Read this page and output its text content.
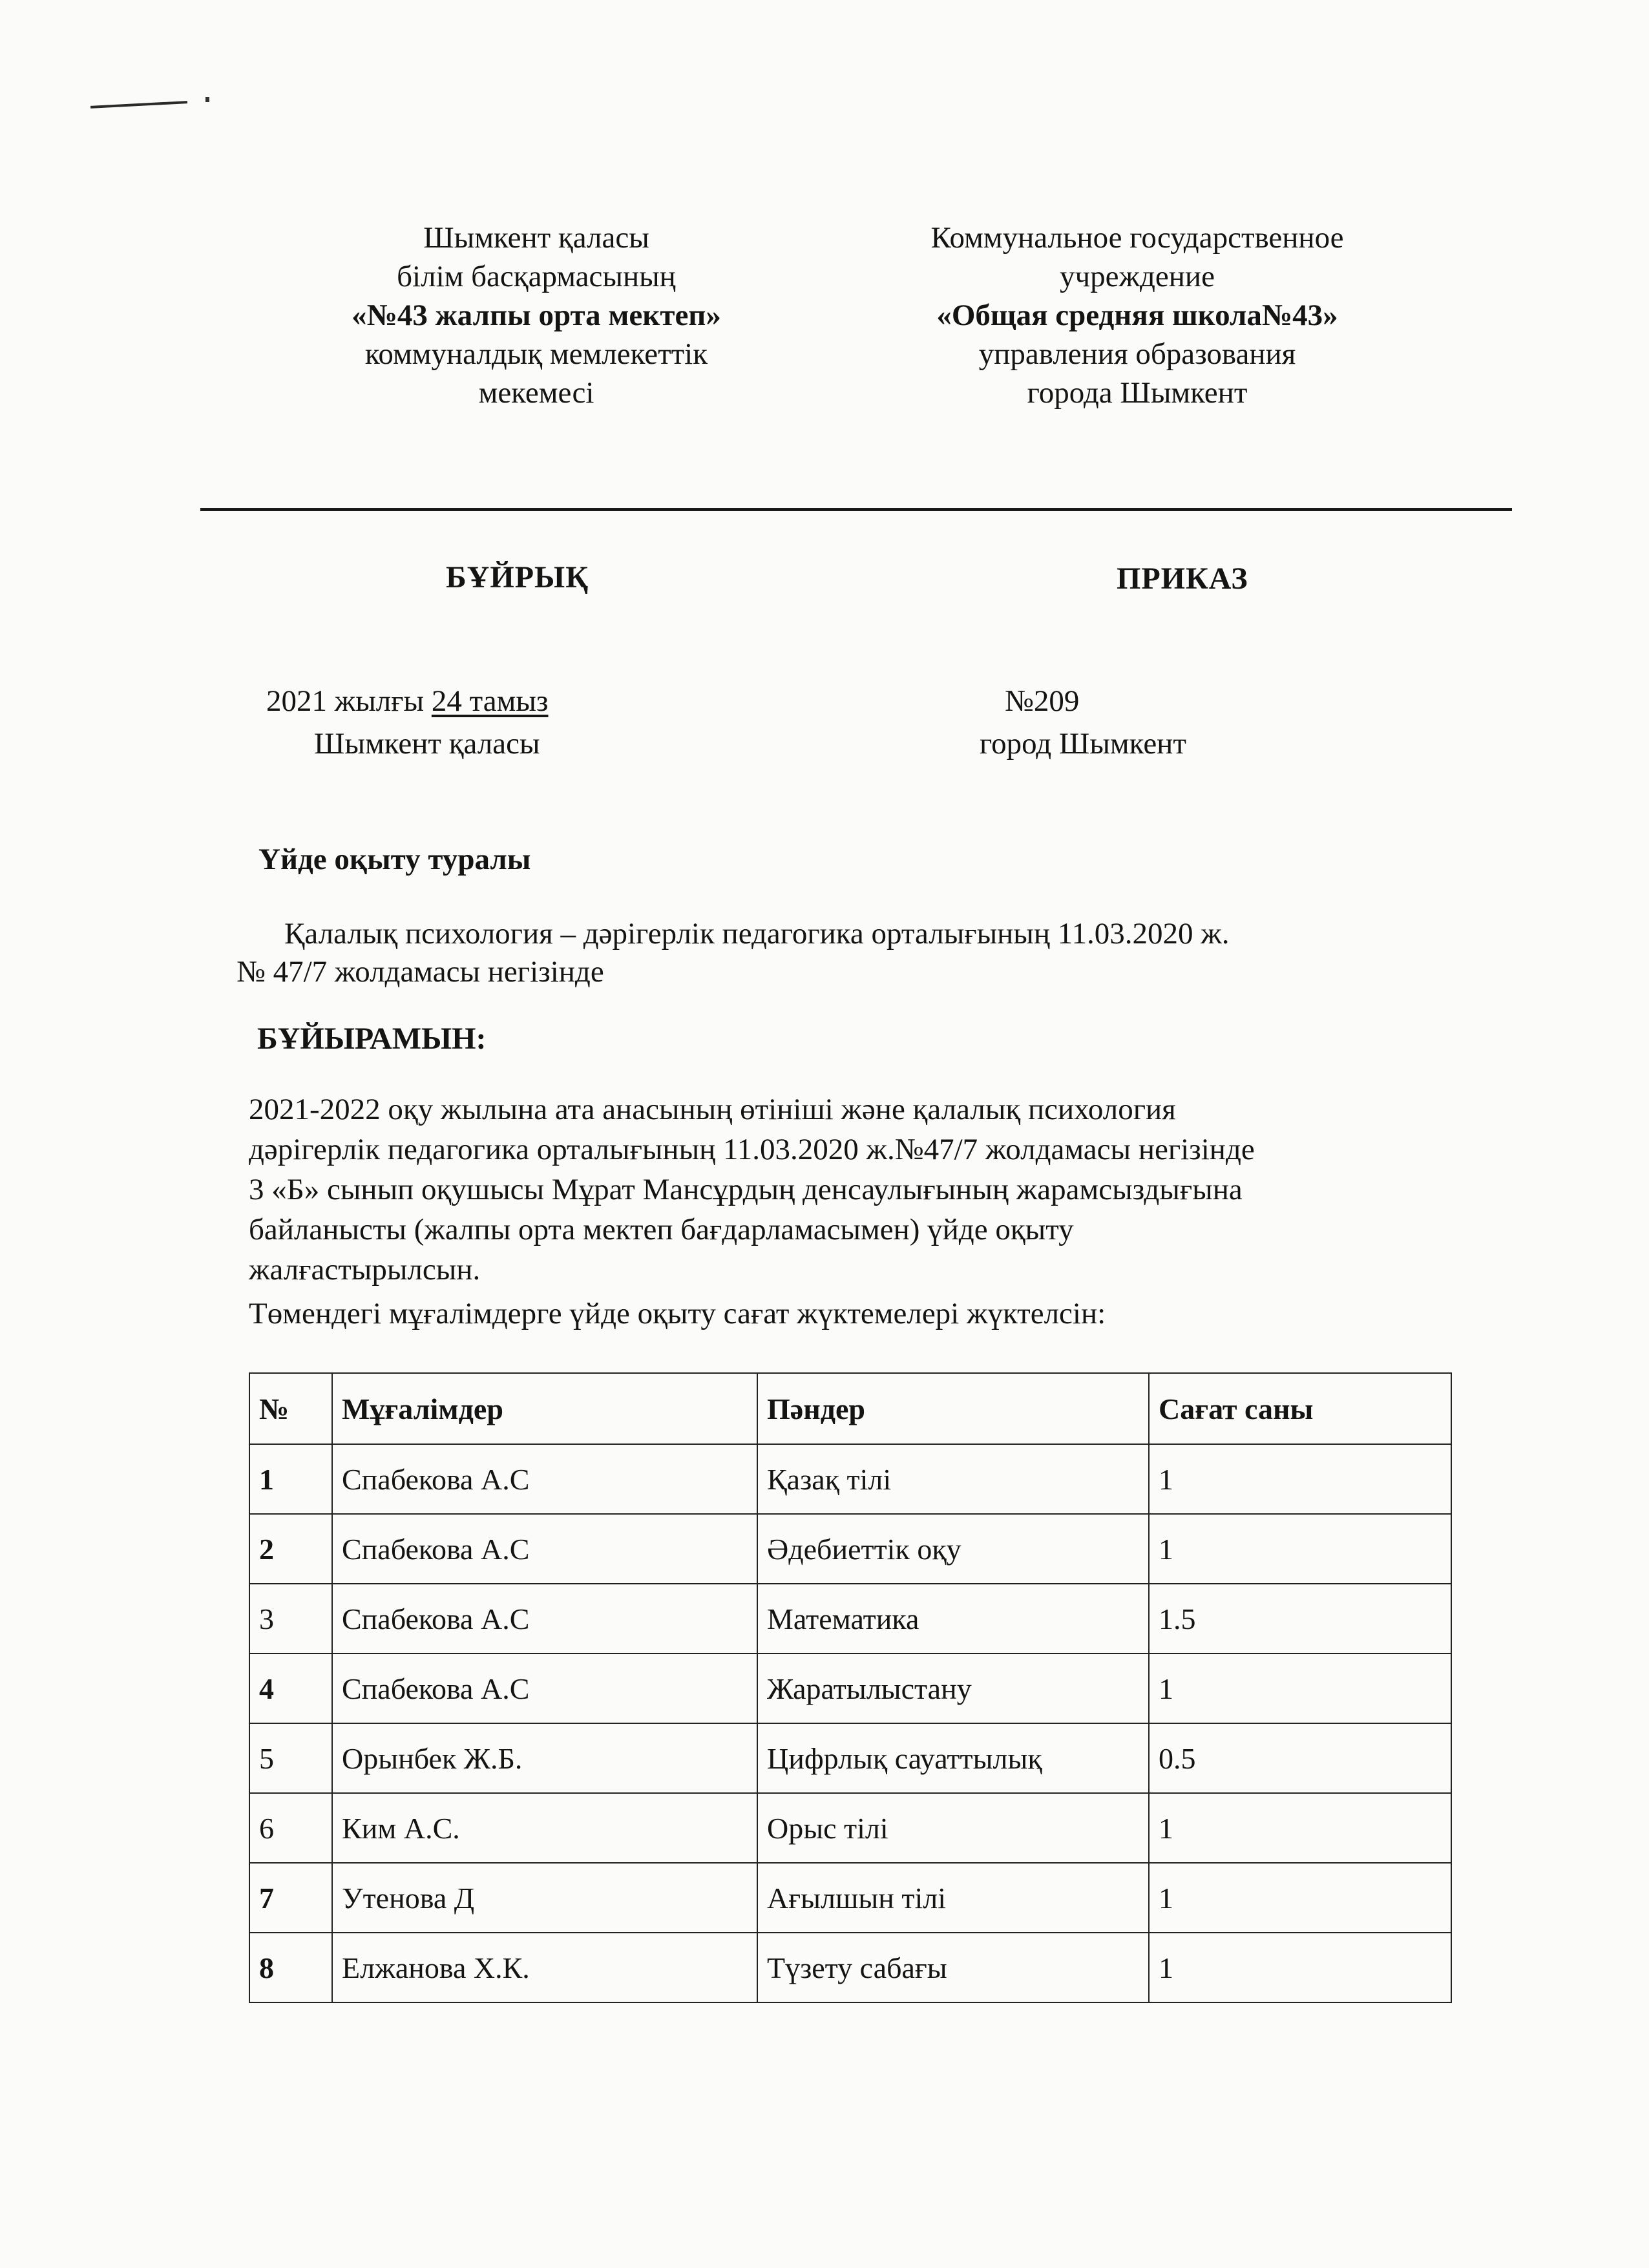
Шымкент қаласы
білім басқармасының
«№43 жалпы орта мектеп»
коммуналдық мемлекеттік
мекемесі
Коммунальное государственное
учреждение
«Общая средняя школа№43»
управления образования
города Шымкент
БҰЙРЫҚ	ПРИКАЗ
2021 жылғы 24 тамыз
Шымкент қаласы
№209
город Шымкент
Үйде оқыту туралы
Қалалық психология – дәрігерлік педагогика орталығының 11.03.2020 ж.
№ 47/7 жолдамасы негізінде
БҰЙЫРАМЫН:
2021-2022 оқу жылына ата анасының өтініші және қалалық психология
дәрігерлік педагогика орталығының 11.03.2020 ж.№47/7 жолдамасы негізінде
3 «Б» сынып оқушысы Мұрат Мансұрдың денсаулығының жарамсыздығына
байланысты (жалпы орта мектеп бағдарламасымен) үйде оқыту
жалғастырылсын.
Төмендегі мұғалімдерге үйде оқыту сағат жүктемелері жүктелсін:
№	Мұғалімдер	Пәндер	Сағат саны
1	Спабекова А.С	Қазақ тілі	1
2	Спабекова А.С	Әдебиеттік оқу	1
3	Спабекова А.С	Математика	1.5
4	Спабекова А.С	Жаратылыстану	1
5	Орынбек Ж.Б.	Цифрлық сауаттылық	0.5
6	Ким А.С.	Орыс тілі	1
7	Утенова Д	Ағылшын тілі	1
8	Елжанова Х.К.	Түзету сабағы	1
